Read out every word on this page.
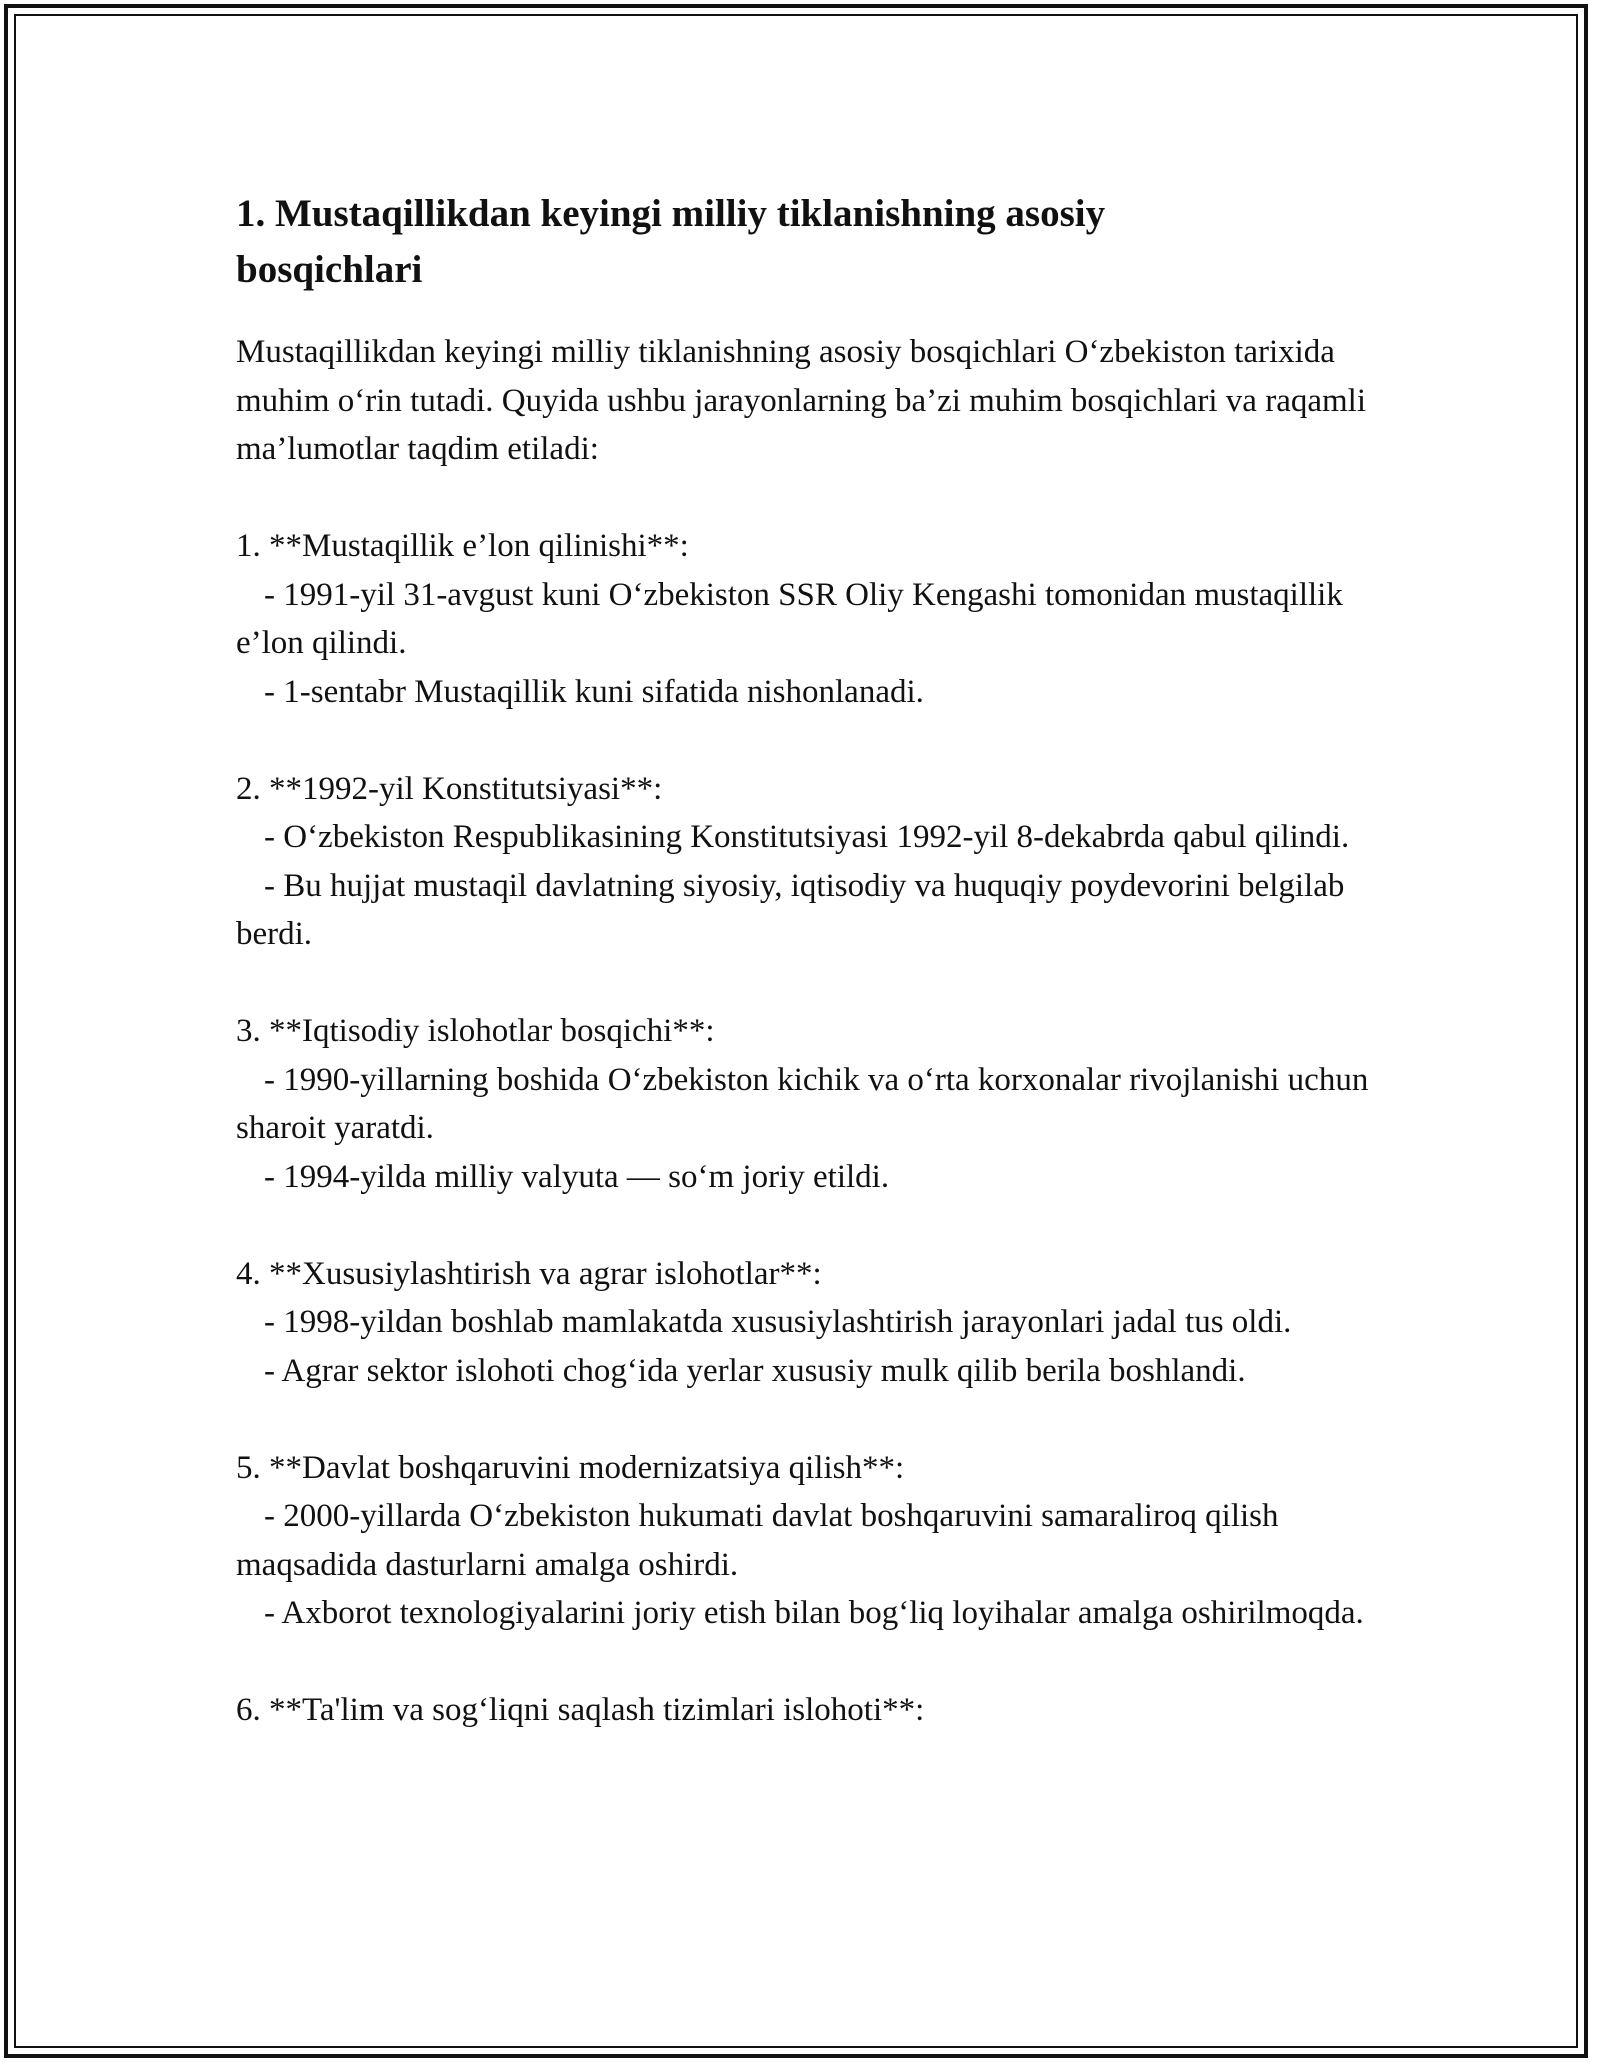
1. Mustaqillikdan keyingi milliy tiklanishning asosiy bosqichlari

Mustaqillikdan keyingi milliy tiklanishning asosiy bosqichlari O‘zbekiston tarixida muhim o‘rin tutadi. Quyida ushbu jarayonlarning ba’zi muhim bosqichlari va raqamli ma’lumotlar taqdim etiladi:

1. **Mustaqillik e’lon qilinishi**:

- 1991-yil 31-avgust kuni O‘zbekiston SSR Oliy Kengashi tomonidan mustaqillik e’lon qilindi.

- 1-sentabr Mustaqillik kuni sifatida nishonlanadi.

2. **1992-yil Konstitutsiyasi**:

- O‘zbekiston Respublikasining Konstitutsiyasi 1992-yil 8-dekabrda qabul qilindi.

- Bu hujjat mustaqil davlatning siyosiy, iqtisodiy va huquqiy poydevorini belgilab berdi.

3. **Iqtisodiy islohotlar bosqichi**:

- 1990-yillarning boshida O‘zbekiston kichik va o‘rta korxonalar rivojlanishi uchun sharoit yaratdi.

- 1994-yilda milliy valyuta — so‘m joriy etildi.

4. **Xususiylashtirish va agrar islohotlar**:

- 1998-yildan boshlab mamlakatda xususiylashtirish jarayonlari jadal tus oldi.

- Agrar sektor islohoti chog‘ida yerlar xususiy mulk qilib berila boshlandi.

5. **Davlat boshqaruvini modernizatsiya qilish**:

- 2000-yillarda O‘zbekiston hukumati davlat boshqaruvini samaraliroq qilish maqsadida dasturlarni amalga oshirdi.

- Axborot texnologiyalarini joriy etish bilan bog‘liq loyihalar amalga oshirilmoqda.

6. **Ta'lim va sog‘liqni saqlash tizimlari islohoti**:
